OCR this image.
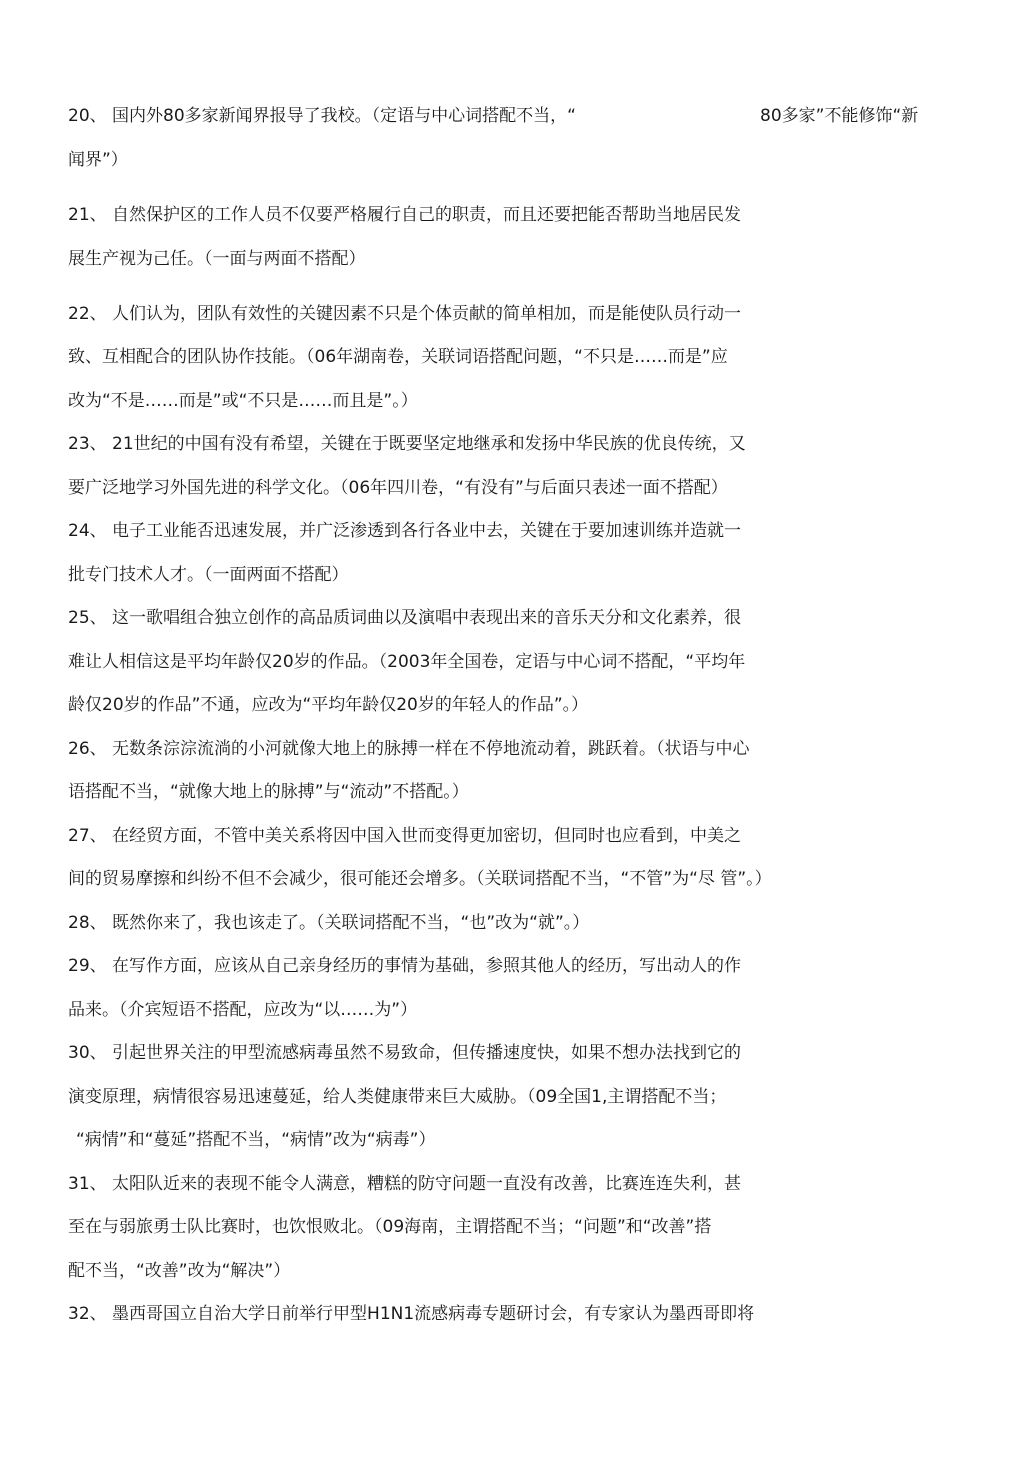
20、 国内外80多家新闻界报导了我校。（定语与中心词搭配不当，“	80多家”不能修饰“新
闻界”）
21、 自然保护区的工作人员不仅要严格履行自己的职责，而且还要把能否帮助当地居民发
展生产视为己任。（一面与两面不搭配）
22、 人们认为，团队有效性的关键因素不只是个体贡献的简单相加，而是能使队员行动一
致、互相配合的团队协作技能。（06年湖南卷，关联词语搭配问题，“不只是……而是”应
改为“不是……而是”或“不只是……而且是”。）
23、 21世纪的中国有没有希望，关键在于既要坚定地继承和发扬中华民族的优良传统，又
要广泛地学习外国先进的科学文化。（06年四川卷，“有没有”与后面只表述一面不搭配）
24、 电子工业能否迅速发展，并广泛渗透到各行各业中去，关键在于要加速训练并造就一
批专门技术人才。（一面两面不搭配）
25、 这一歌唱组合独立创作的高品质词曲以及演唱中表现出来的音乐天分和文化素养，很
难让人相信这是平均年龄仅20岁的作品。（2003年全国卷，定语与中心词不搭配，“平均年
龄仅20岁的作品”不通，应改为“平均年龄仅20岁的年轻人的作品”。）
26、 无数条淙淙流淌的小河就像大地上的脉搏一样在不停地流动着，跳跃着。（状语与中心
语搭配不当，“就像大地上的脉搏”与“流动”不搭配。）
27、 在经贸方面，不管中美关系将因中国入世而变得更加密切，但同时也应看到，中美之
间的贸易摩擦和纠纷不但不会减少，很可能还会增多。（关联词搭配不当，“不管”为“尽 管”。）
28、 既然你来了，我也该走了。（关联词搭配不当，“也”改为“就”。）
29、 在写作方面，应该从自己亲身经历的事情为基础，参照其他人的经历，写出动人的作
品来。（介宾短语不搭配，应改为“以……为”）
30、 引起世界关注的甲型流感病毒虽然不易致命，但传播速度快，如果不想办法找到它的
演变原理，病情很容易迅速蔓延，给人类健康带来巨大威胁。（09全国1,主谓搭配不当；
“病情”和“蔓延”搭配不当，“病情”改为“病毒”）
31、 太阳队近来的表现不能令人满意，糟糕的防守问题一直没有改善，比赛连连失利，甚
至在与弱旅勇士队比赛时，也饮恨败北。（09海南，主谓搭配不当；“问题”和“改善”搭
配不当，“改善”改为“解决”）
32、 墨西哥国立自治大学日前举行甲型H1N1流感病毒专题研讨会，有专家认为墨西哥即将
